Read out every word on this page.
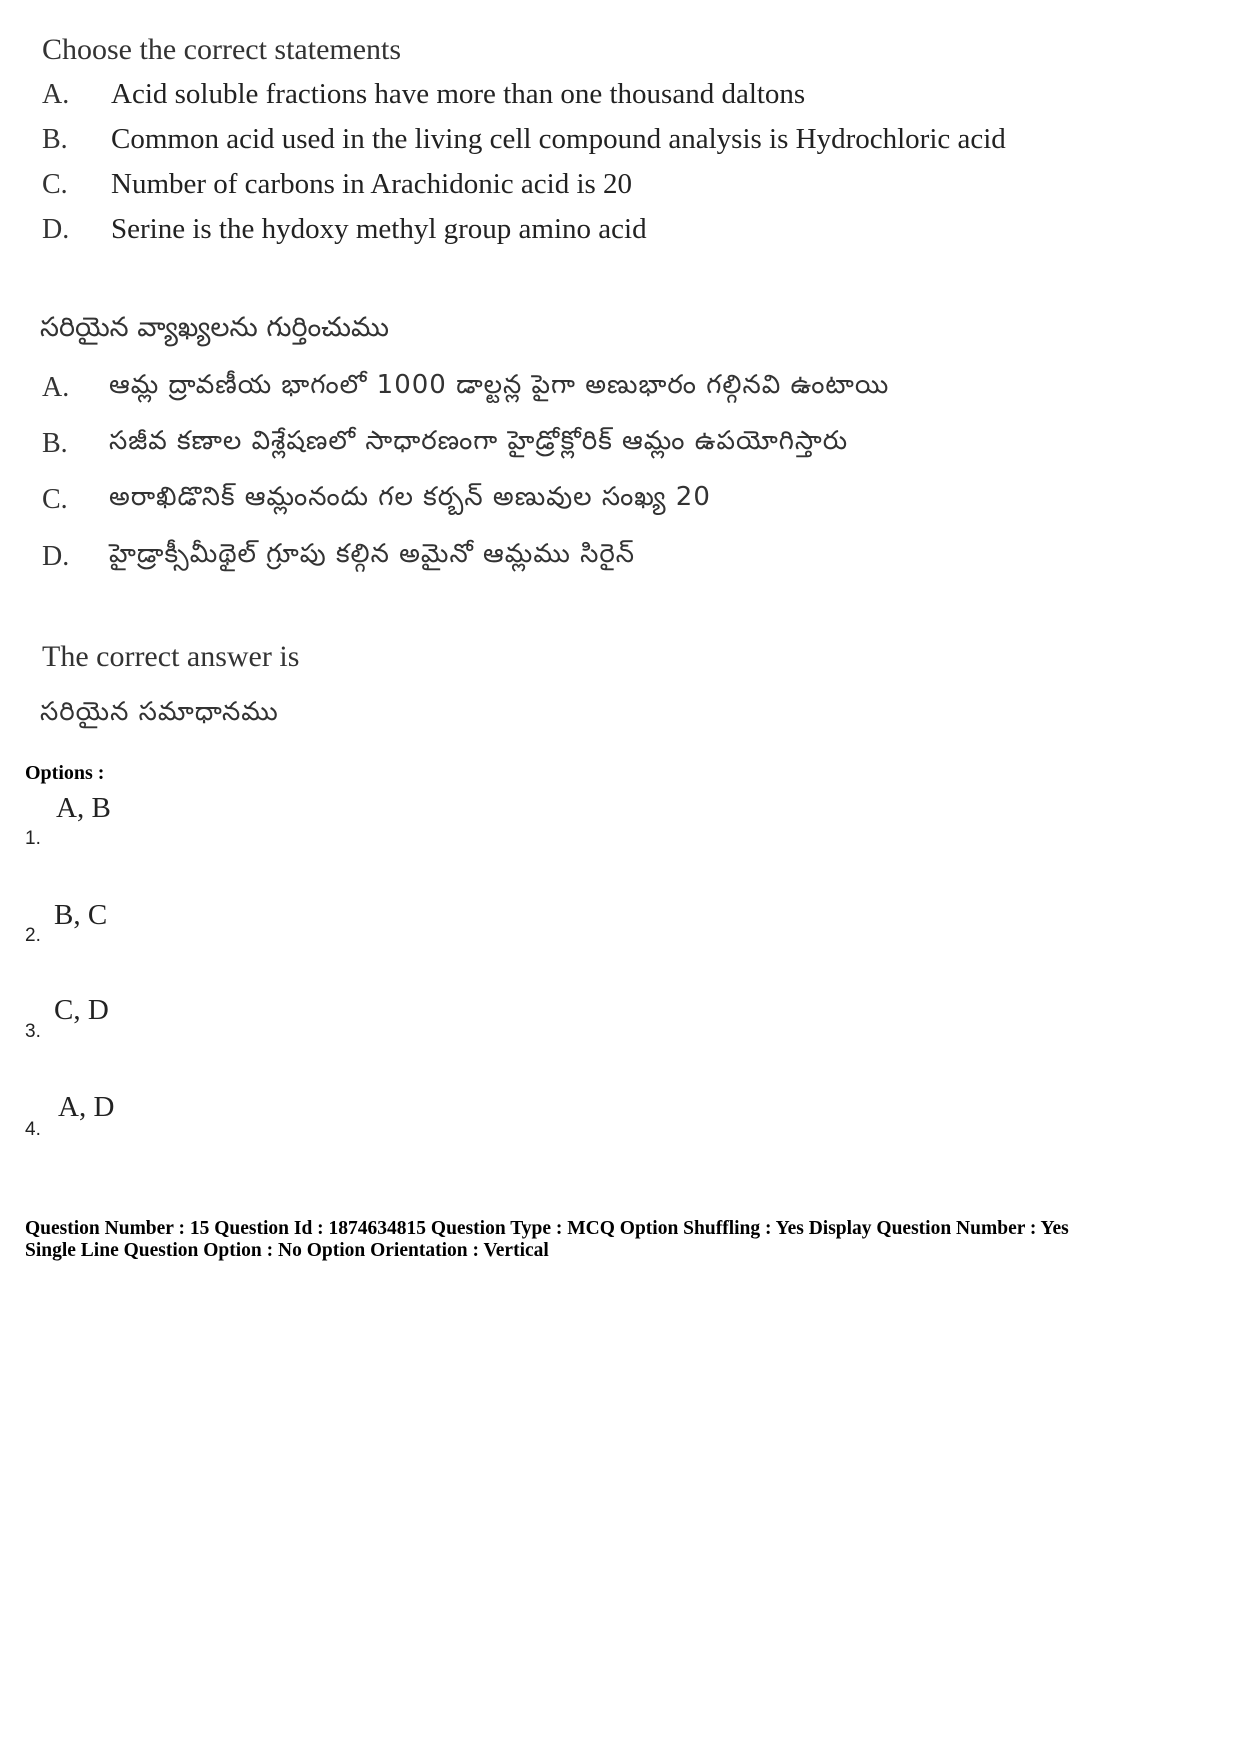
Choose the correct statements
A. Acid soluble fractions have more than one thousand daltons
B. Common acid used in the living cell compound analysis is Hydrochloric acid
C. Number of carbons in Arachidonic acid is 20
D. Serine is the hydoxy methyl group amino acid
సరియైన వ్యాఖ్యలను గుర్తించుము
A. ఆమ్ల ద్రావణీయ భాగంలో 1000 డాల్టన్ల పైగా అణుభారం గల్గినవి ఉంటాయి
B. సజీవ కణాల విశ్లేషణలో సాధారణంగా హైడ్రోక్లోరిక్ ఆమ్లం ఉపయోగిస్తారు
C. అరాఖిడొనిక్ ఆమ్లంనందు గల కర్బన్ అణువుల సంఖ్య 20
D. హైడ్రాక్సీమీథైల్ గ్రూపు కల్గిన అమైనో ఆమ్లము సిరైన్
The correct answer is
సరియైన సమాధానము
Options :
1.
A, B
2.
B, C
3.
C, D
4.
A, D
Question Number : 15 Question Id : 1874634815 Question Type : MCQ Option Shuffling : Yes Display Question Number : Yes
Single Line Question Option : No Option Orientation : Vertical
